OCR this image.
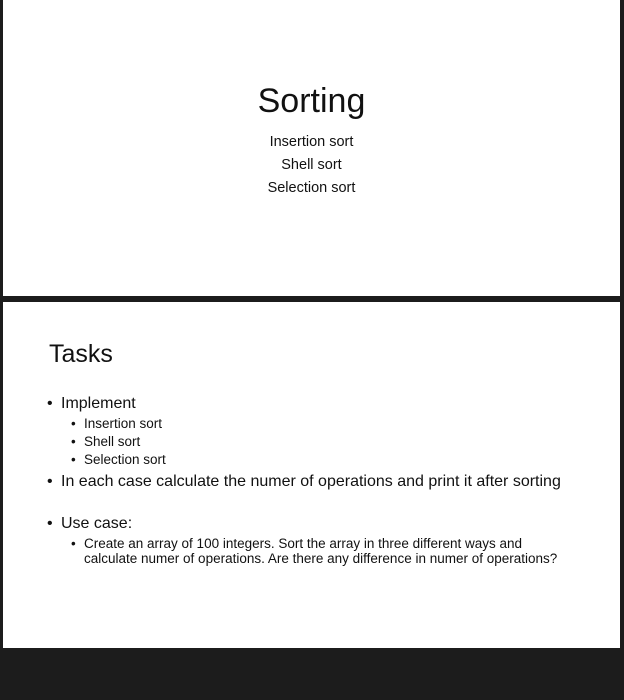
Sorting
Insertion sort
Shell sort
Selection sort
Tasks
• Implement
• Insertion sort
• Shell sort
• Selection sort
• In each case calculate the numer of operations and print it after sorting
• Use case:
• Create an array of 100 integers. Sort the array in three different ways and calculate numer of operations. Are there any difference in numer of operations?
